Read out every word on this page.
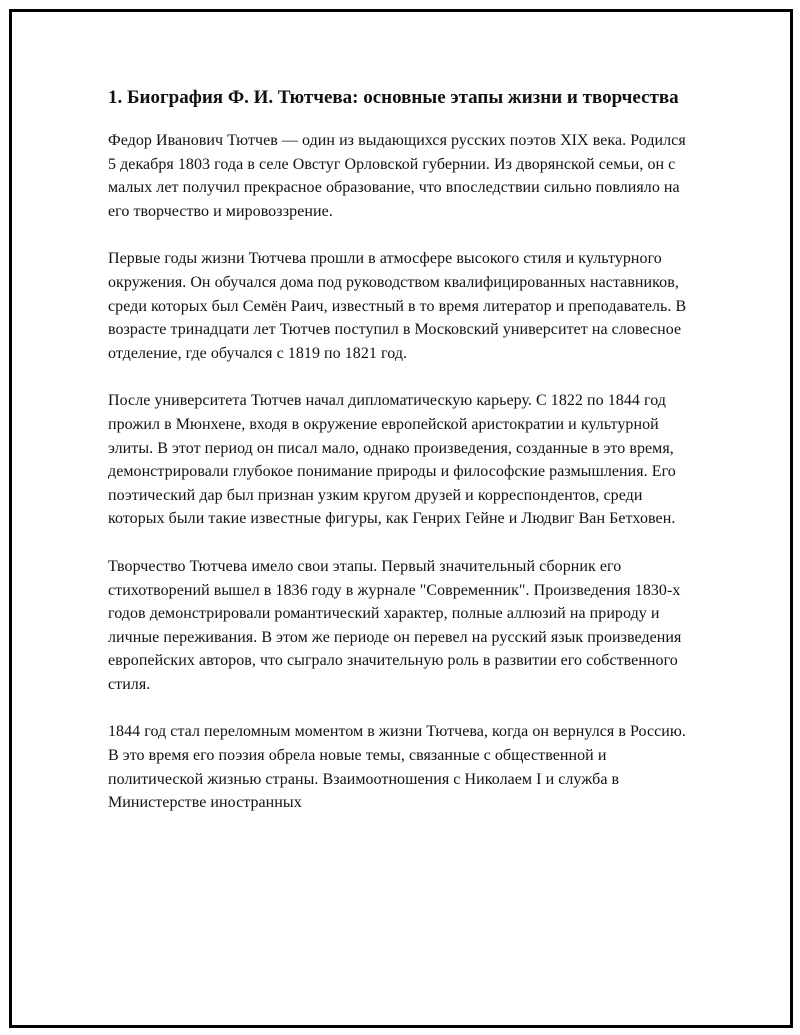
1. Биография Ф. И. Тютчева: основные этапы жизни и творчества

Федор Иванович Тютчев — один из выдающихся русских поэтов XIX века. Родился 5 декабря 1803 года в селе Овстуг Орловской губернии. Из дворянской семьи, он с малых лет получил прекрасное образование, что впоследствии сильно повлияло на его творчество и мировоззрение.

Первые годы жизни Тютчева прошли в атмосфере высокого стиля и культурного окружения. Он обучался дома под руководством квалифицированных наставников, среди которых был Семён Раич, известный в то время литератор и преподаватель. В возрасте тринадцати лет Тютчев поступил в Московский университет на словесное отделение, где обучался с 1819 по 1821 год.

После университета Тютчев начал дипломатическую карьеру. С 1822 по 1844 год прожил в Мюнхене, входя в окружение европейской аристократии и культурной элиты. В этот период он писал мало, однако произведения, созданные в это время, демонстрировали глубокое понимание природы и философские размышления. Его поэтический дар был признан узким кругом друзей и корреспондентов, среди которых были такие известные фигуры, как Генрих Гейне и Людвиг Ван Бетховен.

Творчество Тютчева имело свои этапы. Первый значительный сборник его стихотворений вышел в 1836 году в журнале "Современник". Произведения 1830-х годов демонстрировали романтический характер, полные аллюзий на природу и личные переживания. В этом же периоде он перевел на русский язык произведения европейских авторов, что сыграло значительную роль в развитии его собственного стиля.

1844 год стал переломным моментом в жизни Тютчева, когда он вернулся в Россию. В это время его поэзия обрела новые темы, связанные с общественной и политической жизнью страны. Взаимоотношения с Николаем I и служба в Министерстве иностранных
